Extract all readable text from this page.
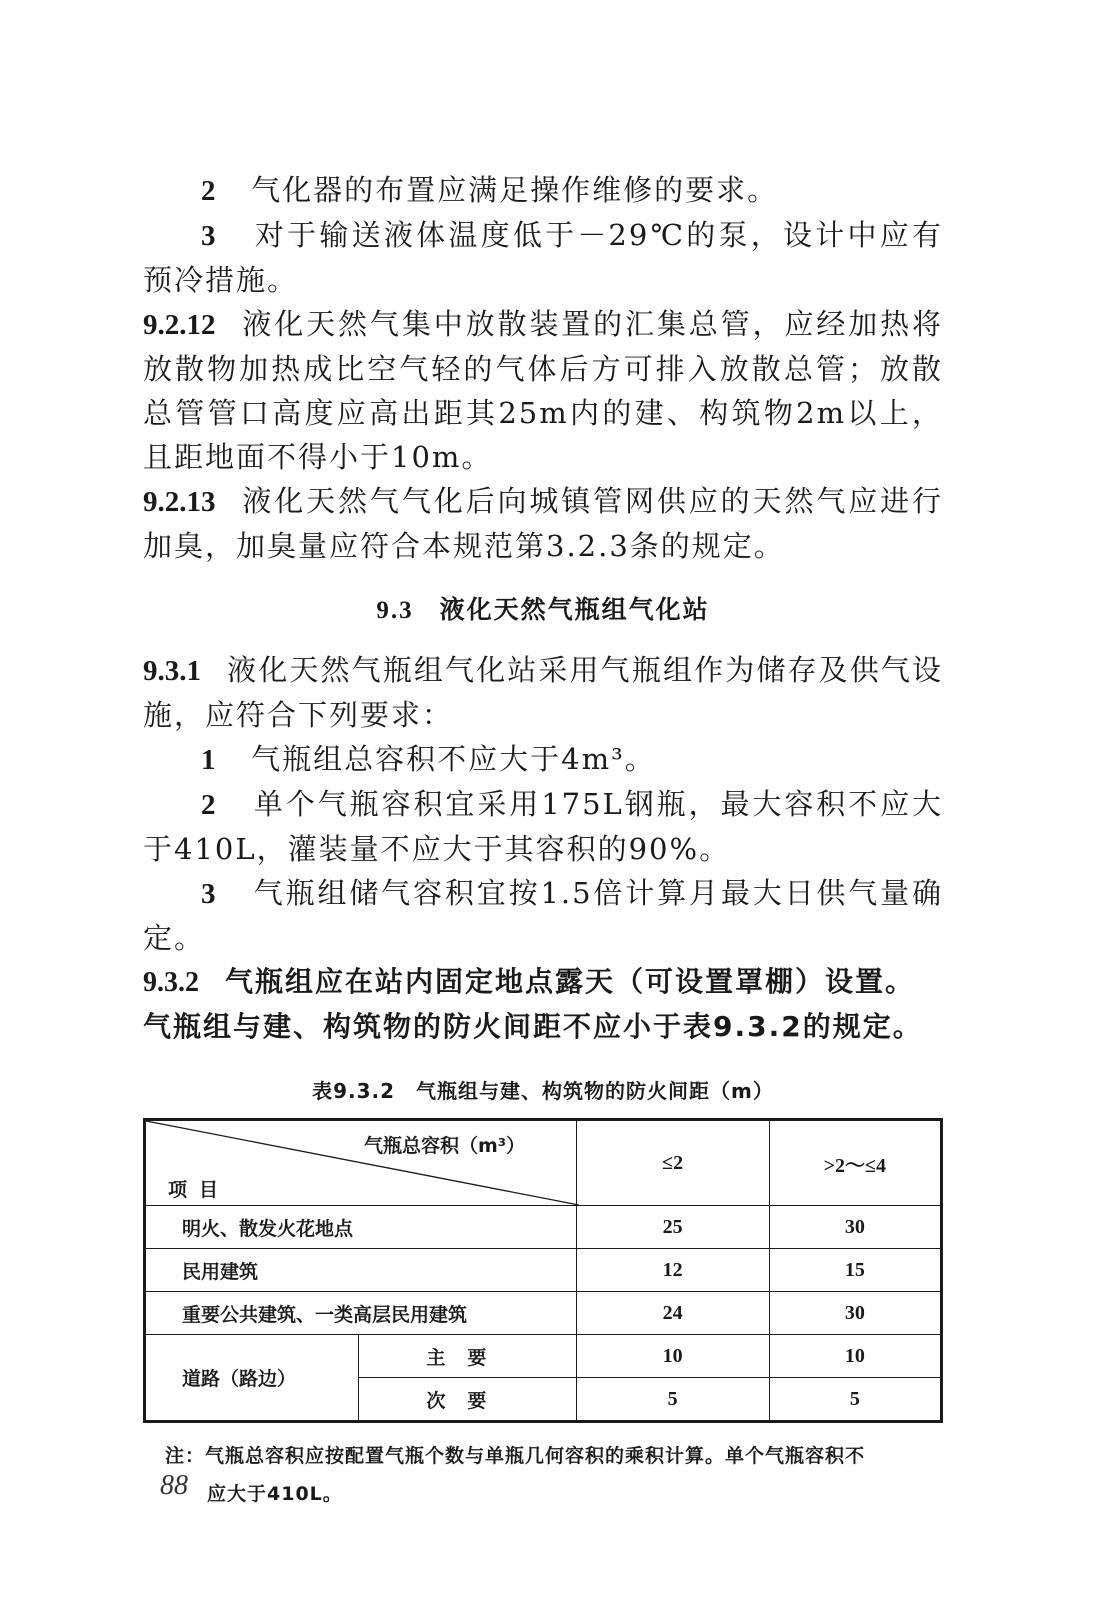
2 气化器的布置应满足操作维修的要求。

3 对于输送液体温度低于－29℃的泵，设计中应有预冷措施。

9.2.12 液化天然气集中放散装置的汇集总管，应经加热将放散物加热成比空气轻的气体后方可排入放散总管；放散总管管口高度应高出距其25m内的建、构筑物2m以上，且距地面不得小于10m。

9.2.13 液化天然气气化后向城镇管网供应的天然气应进行加臭，加臭量应符合本规范第3.2.3条的规定。

9.3 液化天然气瓶组气化站

9.3.1 液化天然气瓶组气化站采用气瓶组作为储存及供气设施，应符合下列要求：

1 气瓶组总容积不应大于4m³。

2 单个气瓶容积宜采用175L钢瓶，最大容积不应大于410L，灌装量不应大于其容积的90%。

3 气瓶组储气容积宜按1.5倍计算月最大日供气量确定。

9.3.2 气瓶组应在站内固定地点露天（可设置罩棚）设置。气瓶组与建、构筑物的防火间距不应小于表9.3.2的规定。

表9.3.2　气瓶组与建、构筑物的防火间距（m）
气瓶总容积（m³）
项目		≤2	>2～≤4
明火、散发火花地点		25	30
民用建筑		12	15
重要公共建筑、一类高层民用建筑		24	30
道路（路边）	主要	10	10
	次要	5	5
注：气瓶总容积应按配置气瓶个数与单瓶几何容积的乘积计算。单个气瓶容积不
应大于410L。
88
